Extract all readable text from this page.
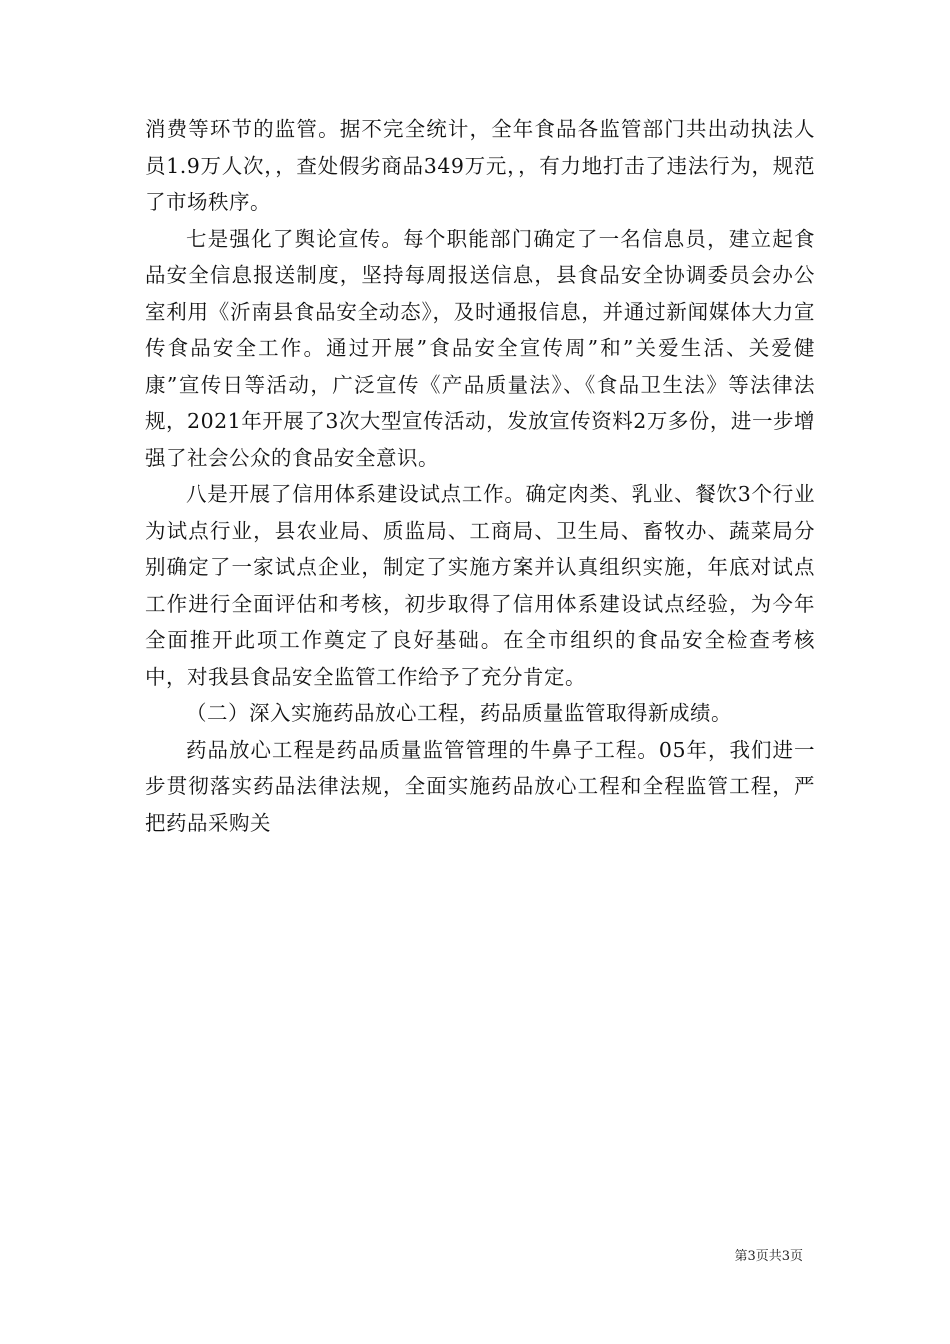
消费等环节的监管。据不完全统计，全年食品各监管部门共出动执法人员1.9万人次，，查处假劣商品349万元，，有力地打击了违法行为，规范了市场秩序。

七是强化了舆论宣传。每个职能部门确定了一名信息员，建立起食品安全信息报送制度，坚持每周报送信息，县食品安全协调委员会办公室利用《沂南县食品安全动态》，及时通报信息，并通过新闻媒体大力宣传食品安全工作。通过开展”食品安全宣传周”和”关爱生活、关爱健康”宣传日等活动，广泛宣传《产品质量法》、《食品卫生法》等法律法规，2021年开展了3次大型宣传活动，发放宣传资料2万多份，进一步增强了社会公众的食品安全意识。

八是开展了信用体系建设试点工作。确定肉类、乳业、餐饮3个行业为试点行业，县农业局、质监局、工商局、卫生局、畜牧办、蔬菜局分别确定了一家试点企业，制定了实施方案并认真组织实施，年底对试点工作进行全面评估和考核，初步取得了信用体系建设试点经验，为今年全面推开此项工作奠定了良好基础。在全市组织的食品安全检查考核中，对我县食品安全监管工作给予了充分肯定。

（二）深入实施药品放心工程，药品质量监管取得新成绩。

药品放心工程是药品质量监管管理的牛鼻子工程。05年，我们进一步贯彻落实药品法律法规，全面实施药品放心工程和全程监管工程，严把药品采购关

第3页共3页
